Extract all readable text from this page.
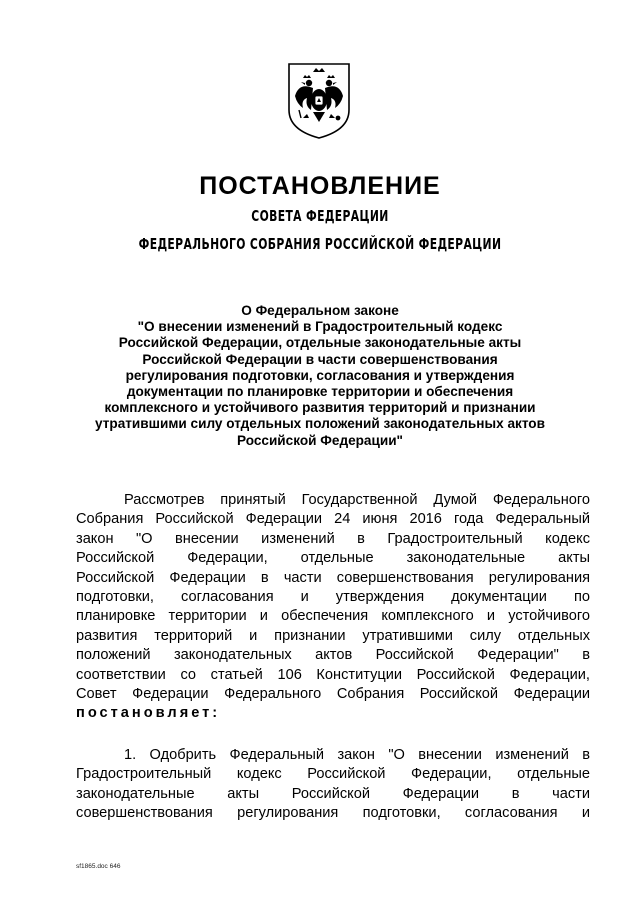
ПОСТАНОВЛЕНИЕ
СОВЕТА ФЕДЕРАЦИИ
ФЕДЕРАЛЬНОГО СОБРАНИЯ РОССИЙСКОЙ ФЕДЕРАЦИИ
О Федеральном законе
"О внесении изменений в Градостроительный кодекс
Российской Федерации, отдельные законодательные акты
Российской Федерации в части совершенствования
регулирования подготовки, согласования и утверждения
документации по планировке территории и обеспечения
комплексного и устойчивого развития территорий и признании
утратившими силу отдельных положений законодательных актов
Российской Федерации"
Рассмотрев принятый Государственной Думой Федерального
Собрания Российской Федерации 24 июня 2016 года Федеральный
закон "О внесении изменений в Градостроительный кодекс
Российской Федерации, отдельные законодательные акты
Российской Федерации в части совершенствования регулирования
подготовки, согласования и утверждения документации по
планировке территории и обеспечения комплексного и устойчивого
развития территорий и признании утратившими силу отдельных
положений законодательных актов Российской Федерации" в
соответствии со статьей 106 Конституции Российской Федерации,
Совет Федерации Федерального Собрания Российской Федерации
постановляет:
1. Одобрить Федеральный закон "О внесении изменений в
Градостроительный кодекс Российской Федерации, отдельные
законодательные акты Российской Федерации в части
совершенствования регулирования подготовки, согласования и
sf1865.doc 646
